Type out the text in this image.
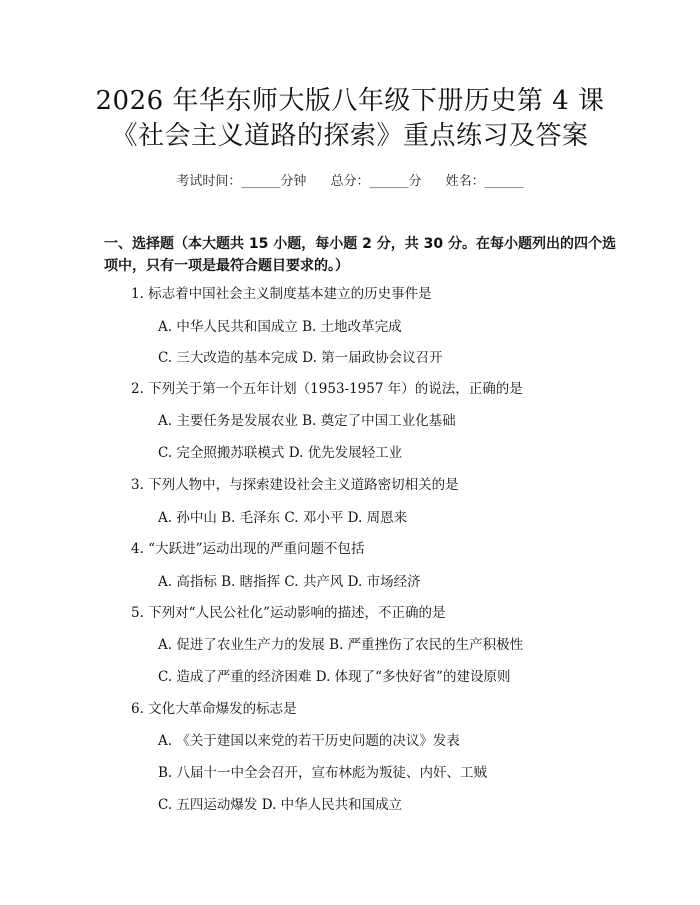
2026 年华东师大版八年级下册历史第 4 课
《社会主义道路的探索》重点练习及答案
考试时间：______分钟 总分：______分 姓名：______
一、选择题（本大题共 15 小题，每小题 2 分，共 30 分。在每小题列出的四个选项中，只有一项是最符合题目要求的。）
1. 标志着中国社会主义制度基本建立的历史事件是
A. 中华人民共和国成立 B. 土地改革完成
C. 三大改造的基本完成 D. 第一届政协会议召开
2. 下列关于第一个五年计划（1953-1957 年）的说法，正确的是
A. 主要任务是发展农业 B. 奠定了中国工业化基础
C. 完全照搬苏联模式 D. 优先发展轻工业
3. 下列人物中，与探索建设社会主义道路密切相关的是
A. 孙中山 B. 毛泽东 C. 邓小平 D. 周恩来
4. “大跃进”运动出现的严重问题不包括
A. 高指标 B. 瞎指挥 C. 共产风 D. 市场经济
5. 下列对“人民公社化”运动影响的描述，不正确的是
A. 促进了农业生产力的发展 B. 严重挫伤了农民的生产积极性
C. 造成了严重的经济困难 D. 体现了“多快好省”的建设原则
6. 文化大革命爆发的标志是
A. 《关于建国以来党的若干历史问题的决议》发表
B. 八届十一中全会召开，宣布林彪为叛徒、内奸、工贼
C. 五四运动爆发 D. 中华人民共和国成立
